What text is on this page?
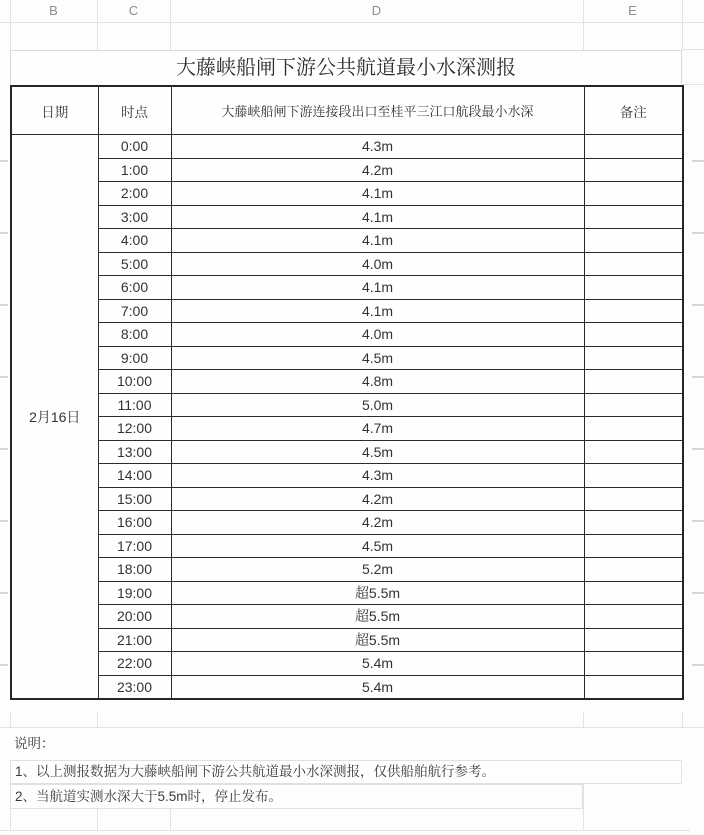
B	C	D	E
大藤峡船闸下游公共航道最小水深测报
日期	时点	大藤峡船闸下游连接段出口至桂平三江口航段最小水深	备注
2月16日	0:00	4.3m	
	1:00	4.2m	
	2:00	4.1m	
	3:00	4.1m	
	4:00	4.1m	
	5:00	4.0m	
	6:00	4.1m	
	7:00	4.1m	
	8:00	4.0m	
	9:00	4.5m	
	10:00	4.8m	
	11:00	5.0m	
	12:00	4.7m	
	13:00	4.5m	
	14:00	4.3m	
	15:00	4.2m	
	16:00	4.2m	
	17:00	4.5m	
	18:00	5.2m	
	19:00	超5.5m	
	20:00	超5.5m	
	21:00	超5.5m	
	22:00	5.4m	
	23:00	5.4m	
说明：
1、以上测报数据为大藤峡船闸下游公共航道最小水深测报，仅供船舶航行参考。
2、当航道实测水深大于5.5m时，停止发布。
